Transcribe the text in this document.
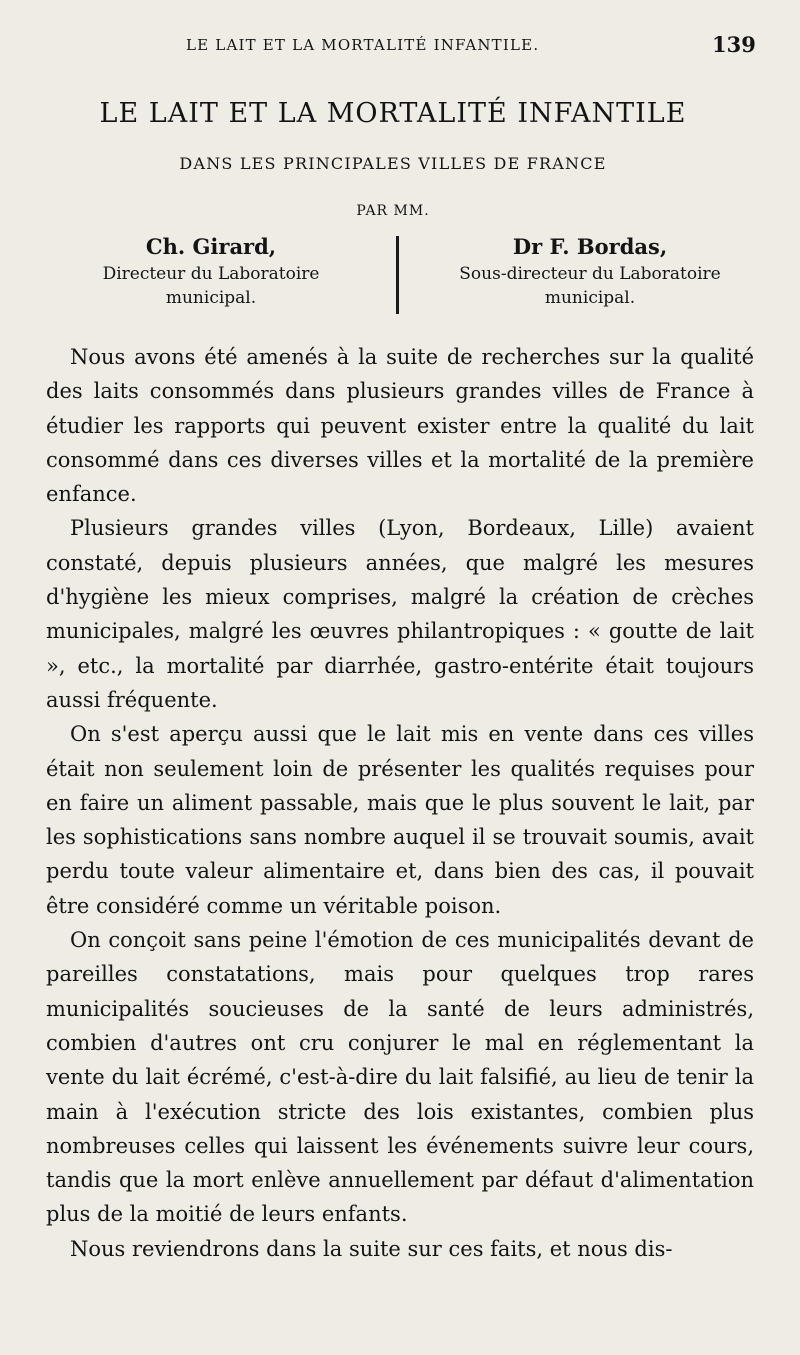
LE LAIT ET LA MORTALITÉ INFANTILE.	139
LE LAIT ET LA MORTALITÉ INFANTILE
DANS LES PRINCIPALES VILLES DE FRANCE
PAR MM.
Ch. Girard,
Directeur du Laboratoire
municipal.
Dr F. Bordas,
Sous-directeur du Laboratoire
municipal.

Nous avons été amenés à la suite de recherches sur la qualité des laits consommés dans plusieurs grandes villes de France à étudier les rapports qui peuvent exister entre la qualité du lait consommé dans ces diverses villes et la mortalité de la première enfance.

Plusieurs grandes villes (Lyon, Bordeaux, Lille) avaient constaté, depuis plusieurs années, que malgré les mesures d'hygiène les mieux comprises, malgré la création de crèches municipales, malgré les œuvres philantropiques : « goutte de lait », etc., la mortalité par diarrhée, gastro-entérite était toujours aussi fréquente.

On s'est aperçu aussi que le lait mis en vente dans ces villes était non seulement loin de présenter les qualités requises pour en faire un aliment passable, mais que le plus souvent le lait, par les sophistications sans nombre auquel il se trouvait soumis, avait perdu toute valeur alimentaire et, dans bien des cas, il pouvait être considéré comme un véritable poison.

On conçoit sans peine l'émotion de ces municipalités devant de pareilles constatations, mais pour quelques trop rares municipalités soucieuses de la santé de leurs administrés, combien d'autres ont cru conjurer le mal en réglementant la vente du lait écrémé, c'est-à-dire du lait falsifié, au lieu de tenir la main à l'exécution stricte des lois existantes, combien plus nombreuses celles qui laissent les événements suivre leur cours, tandis que la mort enlève annuellement par défaut d'alimentation plus de la moitié de leurs enfants.

Nous reviendrons dans la suite sur ces faits, et nous dis-
